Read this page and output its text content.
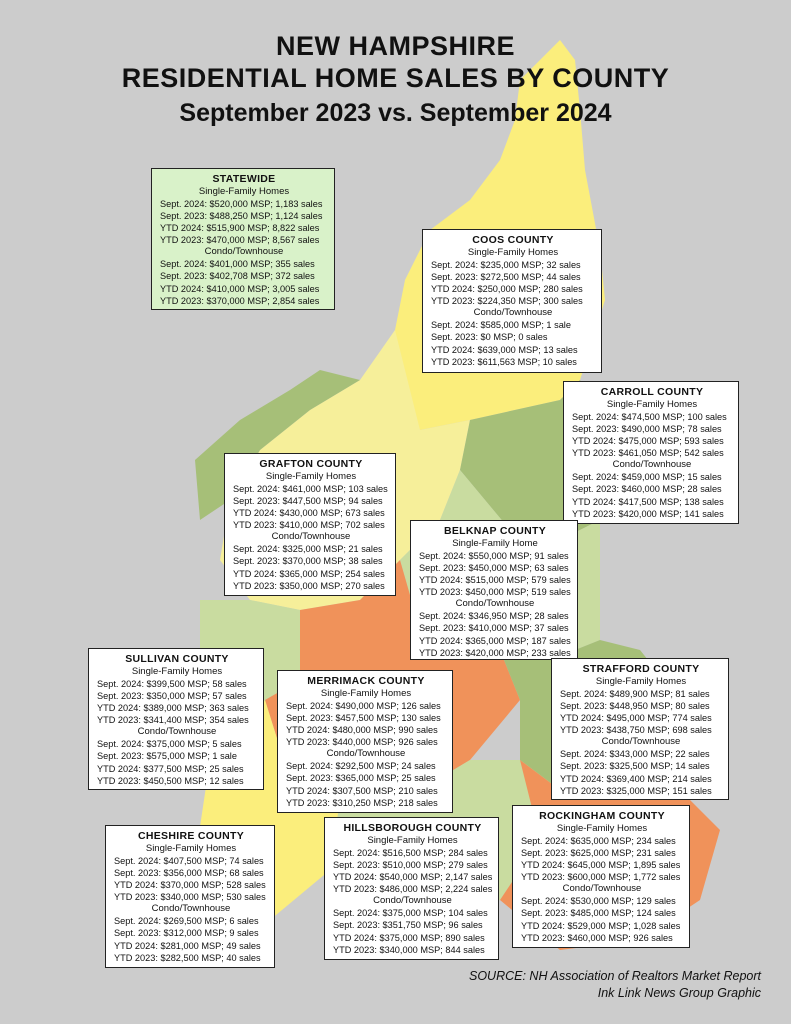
NEW HAMPSHIRE
RESIDENTIAL HOME SALES BY COUNTY
September 2023 vs. September 2024
STATEWIDE
Single-Family Homes
Sept. 2024: $520,000 MSP; 1,183 sales
Sept. 2023: $488,250 MSP; 1,124 sales
YTD 2024: $515,900 MSP; 8,822 sales
YTD 2023: $470,000 MSP; 8,567 sales
Condo/Townhouse
Sept. 2024: $401,000 MSP; 355 sales
Sept. 2023: $402,708 MSP; 372 sales
YTD 2024: $410,000 MSP; 3,005 sales
YTD 2023: $370,000 MSP; 2,854 sales
COOS COUNTY
Single-Family Homes
Sept. 2024: $235,000 MSP; 32 sales
Sept. 2023: $272,500 MSP; 44 sales
YTD 2024: $250,000 MSP; 280 sales
YTD 2023: $224,350 MSP; 300 sales
Condo/Townhouse
Sept. 2024: $585,000 MSP; 1 sale
Sept. 2023: $0 MSP; 0 sales
YTD 2024: $639,000 MSP; 13 sales
YTD 2023: $611,563 MSP; 10 sales
CARROLL COUNTY
Single-Family Homes
Sept. 2024: $474,500 MSP; 100 sales
Sept. 2023: $490,000 MSP; 78 sales
YTD 2024: $475,000 MSP; 593 sales
YTD 2023: $461,050 MSP; 542 sales
Condo/Townhouse
Sept. 2024: $459,000 MSP; 15 sales
Sept. 2023: $460,000 MSP; 28 sales
YTD 2024: $417,500 MSP; 138 sales
YTD 2023: $420,000 MSP; 141 sales
GRAFTON COUNTY
Single-Family Homes
Sept. 2024: $461,000 MSP; 103 sales
Sept. 2023: $447,500 MSP; 94 sales
YTD 2024: $430,000 MSP; 673 sales
YTD 2023: $410,000 MSP; 702 sales
Condo/Townhouse
Sept. 2024: $325,000 MSP; 21 sales
Sept. 2023: $370,000 MSP; 38 sales
YTD 2024: $365,000 MSP; 254 sales
YTD 2023: $350,000 MSP; 270 sales
BELKNAP COUNTY
Single-Family Home
Sept. 2024: $550,000 MSP; 91 sales
Sept. 2023: $450,000 MSP; 63 sales
YTD 2024: $515,000 MSP; 579 sales
YTD 2023: $450,000 MSP; 519 sales
Condo/Townhouse
Sept. 2024: $346,950 MSP; 28 sales
Sept. 2023: $410,000 MSP; 37 sales
YTD 2024: $365,000 MSP; 187 sales
YTD 2023: $420,000 MSP; 233 sales
SULLIVAN COUNTY
Single-Family Homes
Sept. 2024: $399,500 MSP; 58 sales
Sept. 2023: $350,000 MSP; 57 sales
YTD 2024: $389,000 MSP; 363 sales
YTD 2023: $341,400 MSP; 354 sales
Condo/Townhouse
Sept. 2024: $375,000 MSP; 5 sales
Sept. 2023: $575,000 MSP; 1 sale
YTD 2024: $377,500 MSP; 25 sales
YTD 2023: $450,500 MSP; 12 sales
MERRIMACK COUNTY
Single-Family Homes
Sept. 2024: $490,000 MSP; 126 sales
Sept. 2023: $457,500 MSP; 130 sales
YTD 2024: $480,000 MSP; 990 sales
YTD 2023: $440,000 MSP; 926 sales
Condo/Townhouse
Sept. 2024: $292,500 MSP; 24 sales
Sept. 2023: $365,000 MSP; 25 sales
YTD 2024: $307,500 MSP; 210 sales
YTD 2023: $310,250 MSP; 218 sales
STRAFFORD COUNTY
Single-Family Homes
Sept. 2024: $489,900 MSP; 81 sales
Sept. 2023: $448,950 MSP; 80 sales
YTD 2024: $495,000 MSP; 774 sales
YTD 2023: $438,750 MSP; 698 sales
Condo/Townhouse
Sept. 2024: $343,000 MSP; 22 sales
Sept. 2023: $325,500 MSP; 14 sales
YTD 2024: $369,400 MSP; 214 sales
YTD 2023: $325,000 MSP; 151 sales
CHESHIRE COUNTY
Single-Family Homes
Sept. 2024: $407,500 MSP; 74 sales
Sept. 2023: $356,000 MSP; 68 sales
YTD 2024: $370,000 MSP; 528 sales
YTD 2023: $340,000 MSP; 530 sales
Condo/Townhouse
Sept. 2024: $269,500 MSP; 6 sales
Sept. 2023: $312,000 MSP; 9 sales
YTD 2024: $281,000 MSP; 49 sales
YTD 2023: $282,500 MSP; 40 sales
HILLSBOROUGH COUNTY
Single-Family Homes
Sept. 2024: $516,500 MSP; 284 sales
Sept. 2023: $510,000 MSP; 279 sales
YTD 2024: $540,000 MSP; 2,147 sales
YTD 2023: $486,000 MSP; 2,224 sales
Condo/Townhouse
Sept. 2024: $375,000 MSP; 104 sales
Sept. 2023: $351,750 MSP; 96 sales
YTD 2024: $375,000 MSP; 890 sales
YTD 2023: $340,000 MSP; 844 sales
ROCKINGHAM COUNTY
Single-Family Homes
Sept. 2024: $635,000 MSP; 234 sales
Sept. 2023: $625,000 MSP; 231 sales
YTD 2024: $645,000 MSP; 1,895 sales
YTD 2023: $600,000 MSP; 1,772 sales
Condo/Townhouse
Sept. 2024: $530,000 MSP; 129 sales
Sept. 2023: $485,000 MSP; 124 sales
YTD 2024: $529,000 MSP; 1,028 sales
YTD 2023: $460,000 MSP; 926 sales
SOURCE: NH Association of Realtors Market Report
Ink Link News Group Graphic
